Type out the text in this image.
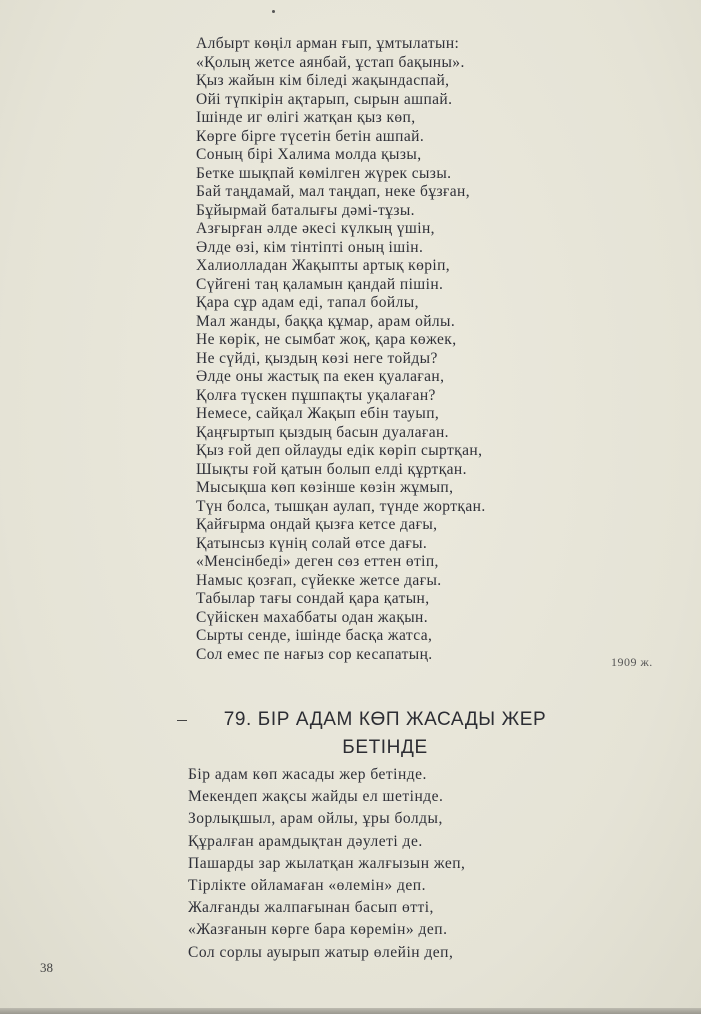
Албырт көңіл арман ғып, ұмтылатын:
«Қолың жетсе аянбай, ұстап бақыны».
Қыз жайын кім біледі жақындаспай,
Ойі түпкірін ақтарып, сырын ашпай.
Ішінде иг өлігі жатқан қыз көп,
Көрге бірге түсетін бетін ашпай.
Соның бірі Халима молда қызы,
Бетке шықпай көмілген жүрек сызы.
Бай таңдамай, мал таңдап, неке бұзған,
Бұйырмай баталығы дәмі-тұзы.
Азғырған әлде әкесі күлкың үшін,
Әлде өзі, кім тінтіпті оның ішін.
Халиолладан Жақыпты артық көріп,
Сүйгені таң қаламын қандай пішін.
Қара сұр адам еді, тапал бойлы,
Мал жанды, баққа құмар, арам ойлы.
Не көрік, не сымбат жоқ, қара көжек,
Не сүйді, қыздың көзі неге тойды?
Әлде оны жастық па екен қуалаған,
Қолға түскен пұшпақты уқалаған?
Немесе, сайқал Жақып ебін тауып,
Қаңғыртып қыздың басын дуалаған.
Қыз ғой деп ойлауды едік көріп сыртқан,
Шықты ғой қатын болып елді құртқан.
Мысықша көп көзінше көзін жұмып,
Түн болса, тышқан аулап, түнде жортқан.
Қайғырма ондай қызға кетсе дағы,
Қатынсыз күнің солай өтсе дағы.
«Менсінбеді» деген сөз еттен өтіп,
Намыс қозғап, сүйекке жетсе дағы.
Табылар тағы сондай қара қатын,
Сүйіскен махаббаты одан жақын.
Сырты сенде, ішінде басқа жатса,
Сол емес пе нағыз сор кесапатың.	1909 ж.
79. БІР АДАМ КӨП ЖАСАДЫ ЖЕР
БЕТІНДЕ
Бір адам көп жасады жер бетінде.
Мекендеп жақсы жайды ел шетінде.
Зорлықшыл, арам ойлы, ұры болды,
Құралған арамдықтан дәулеті де.
Пашарды зар жылатқан жалғызын жеп,
Тірлікте ойламаған «өлемін» деп.
Жалғанды жалпағынан басып өтті,
«Жазғанын көрге бара көремін» деп.
Сол сорлы ауырып жатыр өлейін деп,
38
